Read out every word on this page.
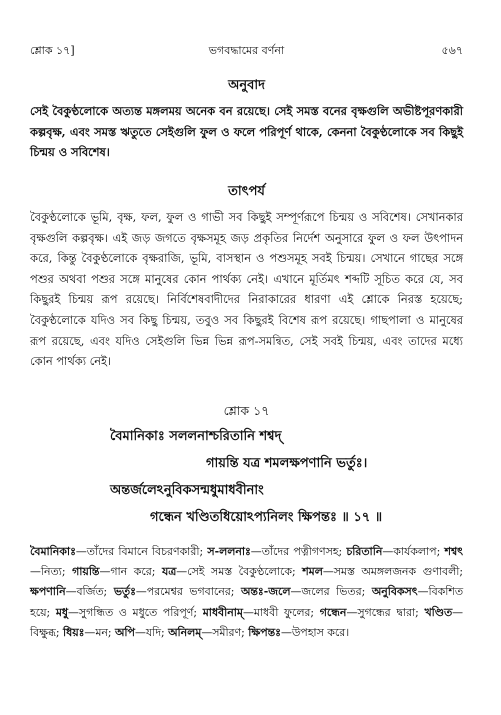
শ্লোক ১৭]	ভগবদ্ধামের বর্ণনা	৫৬৭

অনুবাদ

সেই বৈকুণ্ঠলোকে অত্যন্ত মঙ্গলময় অনেক বন রয়েছে। সেই সমস্ত বনের বৃক্ষগুলি অভীষ্টপূরণকারী কল্পবৃক্ষ, এবং সমস্ত ঋতুতে সেইগুলি ফুল ও ফলে পরিপূর্ণ থাকে, কেননা বৈকুণ্ঠলোকে সব কিছুই চিন্ময় ও সবিশেষ।

তাৎপর্য

বৈকুণ্ঠলোকে ভূমি, বৃক্ষ, ফল, ফুল ও গাভী সব কিছুই সম্পূর্ণরূপে চিন্ময় ও সবিশেষ। সেখানকার বৃক্ষগুলি কল্পবৃক্ষ। এই জড় জগতে বৃক্ষসমূহ জড় প্রকৃতির নির্দেশ অনুসারে ফুল ও ফল উৎপাদন করে, কিন্তু বৈকুণ্ঠলোকে বৃক্ষরাজি, ভূমি, বাসস্থান ও পশুসমূহ সবই চিন্ময়। সেখানে গাছের সঙ্গে পশুর অথবা পশুর সঙ্গে মানুষের কোন পার্থক্য নেই। এখানে মূর্তিমৎ শব্দটি সূচিত করে যে, সব কিছুরই চিন্ময় রূপ রয়েছে। নির্বিশেষবাদীদের নিরাকারের ধারণা এই শ্লোকে নিরস্ত হয়েছে; বৈকুণ্ঠলোকে যদিও সব কিছু চিন্ময়, তবুও সব কিছুরই বিশেষ রূপ রয়েছে। গাছপালা ও মানুষের রূপ রয়েছে, এবং যদিও সেইগুলি ভিন্ন ভিন্ন রূপ-সমন্বিত, সেই সবই চিন্ময়, এবং তাদের মধ্যে কোন পার্থক্য নেই।

শ্লোক ১৭

বৈমানিকাঃ সললনাশ্চরিতানি শশ্বদ্

গায়ন্তি যত্র শমলক্ষপণানি ভর্তুঃ।

অন্তর্জলেঽনুবিকসন্মধুমাধবীনাং

গন্ধেন খণ্ডিতধিয়োঽপ্যনিলং ক্ষিপন্তঃ ॥ ১৭ ॥

বৈমানিকাঃ—তাঁদের বিমানে বিচরণকারী; স-ললনাঃ—তাঁদের পত্নীগণসহ; চরিতানি—কার্যকলাপ; শশ্বৎ—নিত্য; গায়ন্তি—গান করে; যত্র—সেই সমস্ত বৈকুণ্ঠলোকে; শমল—সমস্ত অমঙ্গলজনক গুণাবলী; ক্ষপণানি—বর্জিত; ভর্তুঃ—পরমেশ্বর ভগবানের; অন্তঃ-জলে—জলের ভিতর; অনুবিকসৎ—বিকশিত হয়ে; মধু—সুগন্ধিত ও মধুতে পরিপূর্ণ; মাধবীনাম্—মাধবী ফুলের; গন্ধেন—সুগন্ধের দ্বারা; খণ্ডিত—বিক্ষুব্ধ; ধিয়ঃ—মন; অপি—যদি; অনিলম্—সমীরণ; ক্ষিপন্তঃ—উপহাস করে।
